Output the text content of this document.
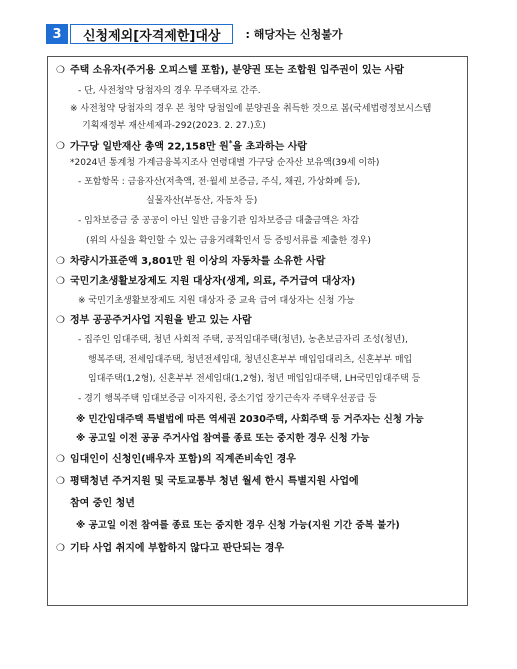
3	신청제외[자격제한]대상	: 해당자는 신청불가
❍ 주택 소유자(주거용 오피스텔 포함), 분양권 또는 조합원 입주권이 있는 사람
- 단, 사전청약 당첨자의 경우 무주택자로 간주.
※ 사전청약 당첨자의 경우 본 청약 당첨일에 분양권을 취득한 것으로 봄(국세법령정보시스템
기획재정부 재산세제과-292(2023. 2. 27.)호)
❍ 가구당 일반재산 총액 22,158만 원*을 초과하는 사람
*2024년 통계청 가계금융복지조사 연령대별 가구당 순자산 보유액(39세 이하)
- 포함항목 : 금융자산(저축액, 전·월세 보증금, 주식, 채권, 가상화폐 등),
실물자산(부동산, 자동차 등)
- 임차보증금 중 공공이 아닌 일반 금융기관 임차보증금 대출금액은 차감
(위의 사실을 확인할 수 있는 금융거래확인서 등 증빙서류를 제출한 경우)
❍ 차량시가표준액 3,801만 원 이상의 자동차를 소유한 사람
❍ 국민기초생활보장제도 지원 대상자(생계, 의료, 주거급여 대상자)
※ 국민기초생활보장제도 지원 대상자 중 교육 급여 대상자는 신청 가능
❍ 정부 공공주거사업 지원을 받고 있는 사람
- 집주인 임대주택, 청년 사회적 주택, 공적임대주택(청년), 농촌보금자리 조성(청년),
행복주택, 전세임대주택, 청년전세임대, 청년신혼부부 매입임대리츠, 신혼부부 매입
임대주택(1,2형), 신혼부부 전세임대(1,2형), 청년 매입임대주택, LH국민임대주택 등
- 경기 행복주택 임대보증금 이자지원, 중소기업 장기근속자 주택우선공급 등
※ 민간임대주택 특별법에 따른 역세권 2030주택, 사회주택 등 거주자는 신청 가능
※ 공고일 이전 공공 주거사업 참여를 종료 또는 중지한 경우 신청 가능
❍ 임대인이 신청인(배우자 포함)의 직계존비속인 경우
❍ 평택청년 주거지원 및 국토교통부 청년 월세 한시 특별지원 사업에
참여 중인 청년
※ 공고일 이전 참여를 종료 또는 중지한 경우 신청 가능(지원 기간 중복 불가)
❍ 기타 사업 취지에 부합하지 않다고 판단되는 경우
